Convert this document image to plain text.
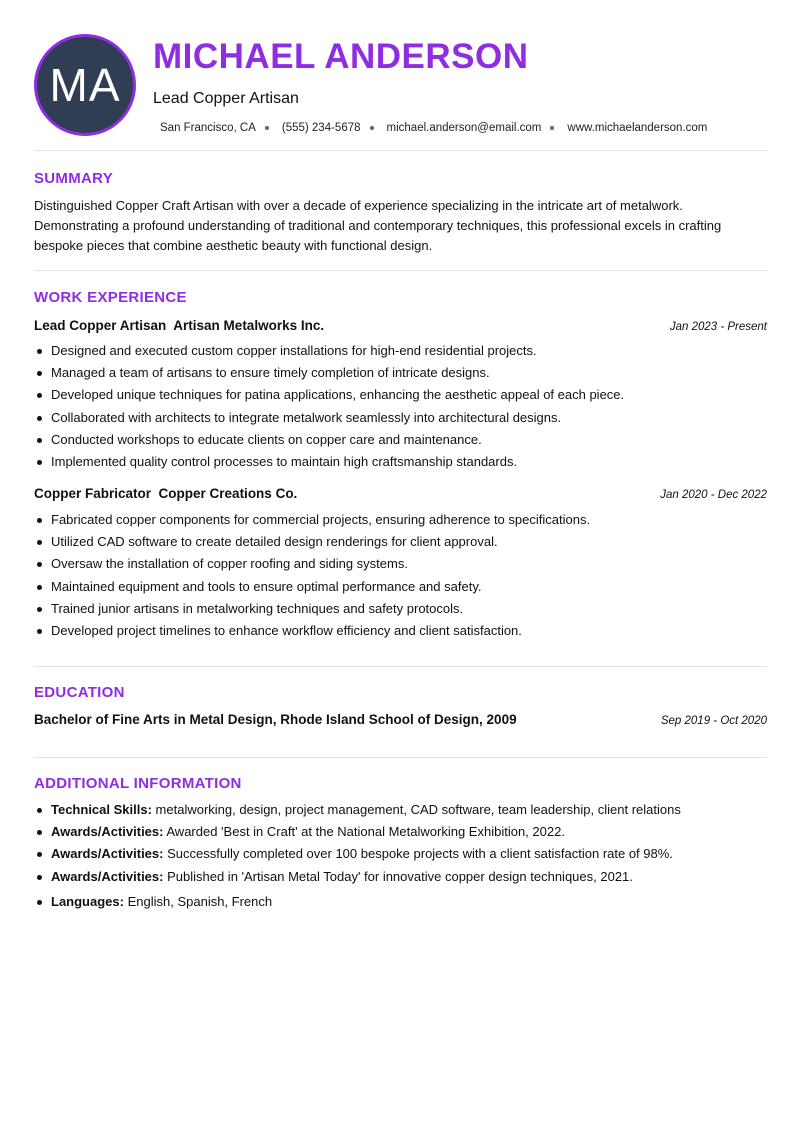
MA
MICHAEL ANDERSON
Lead Copper Artisan
San Francisco, CA (555) 234-5678 michael.anderson@email.com www.michaelanderson.com
SUMMARY

Distinguished Copper Craft Artisan with over a decade of experience specializing in the intricate art of metalwork. Demonstrating a profound understanding of traditional and contemporary techniques, this professional excels in crafting bespoke pieces that combine aesthetic beauty with functional design.

WORK EXPERIENCE
Lead Copper Artisan Artisan Metalworks Inc.	Jan 2023 - Present
Designed and executed custom copper installations for high-end residential projects.
Managed a team of artisans to ensure timely completion of intricate designs.
Developed unique techniques for patina applications, enhancing the aesthetic appeal of each piece.
Collaborated with architects to integrate metalwork seamlessly into architectural designs.
Conducted workshops to educate clients on copper care and maintenance.
Implemented quality control processes to maintain high craftsmanship standards.
Copper Fabricator Copper Creations Co.	Jan 2020 - Dec 2022
Fabricated copper components for commercial projects, ensuring adherence to specifications.
Utilized CAD software to create detailed design renderings for client approval.
Oversaw the installation of copper roofing and siding systems.
Maintained equipment and tools to ensure optimal performance and safety.
Trained junior artisans in metalworking techniques and safety protocols.
Developed project timelines to enhance workflow efficiency and client satisfaction.
EDUCATION
Bachelor of Fine Arts in Metal Design, Rhode Island School of Design, 2009	Sep 2019 - Oct 2020
ADDITIONAL INFORMATION
Technical Skills: metalworking, design, project management, CAD software, team leadership, client relations
Awards/Activities: Awarded 'Best in Craft' at the National Metalworking Exhibition, 2022.
Awards/Activities: Successfully completed over 100 bespoke projects with a client satisfaction rate of 98%.
Awards/Activities: Published in 'Artisan Metal Today' for innovative copper design techniques, 2021.
Languages: English, Spanish, French
